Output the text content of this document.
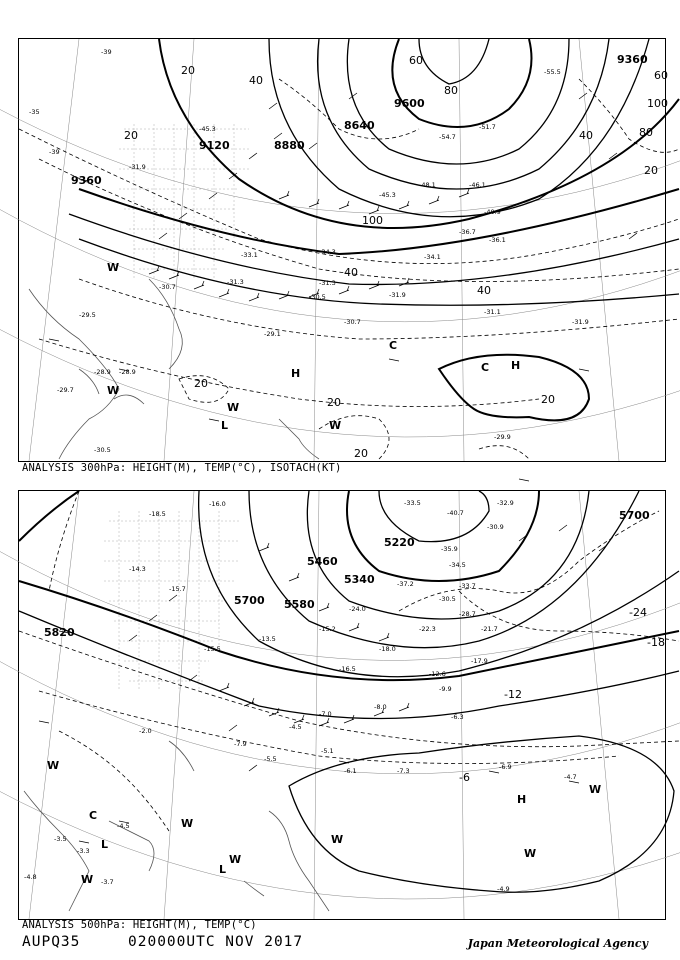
9360
9120	8880
8640
9600
9360
20
40
60
80
100
40
20
40
60
100
80
40
20
20
20
20
20
-39
-35
-39
-45.3	-51.7
-54.7
-55.5
-48.1	-46.1
-45.3
-40.9
-36.7
-36.1
-34.3
-34.1
-31.9
-31.3
-30.5
-30.7
-31.1
-31.9
-29.5
-28.9
-29.7
-30.5
-29.1
-29.9
-28.9
-31.3
-30.7
-33.1
-31.9
W
C
H
L
W
W
W
H
C
ANALYSIS 300hPa: HEIGHT(M), TEMP(°C), ISOTACH(KT)
5220
5340
5460
5580
5700
5820
5700
-24
-18
-12
-6
-33.5
-40.7
-32.9
-30.9
-34.5
-35.9
-37.2	-33.7
-30.5
-28.7
-24.0
-22.3	-21.7
-17.9
-15.2
-18.0
-16.5
-13.5
-12.6
-9.9
-8.0
-7.0	-6.3
-5.1
-4.5
-7.9
-7.3
-6.1	-6.9
-4.7
-4.9
-5.5
-3.5
-4.5
-3.3
-2.0
-3.7
-4.8
-14.3
-15.7
-15.5
-18.5
-16.0
W
C
L
W
L
W
W
H
W
W
W
ANALYSIS 500hPa: HEIGHT(M), TEMP(°C)
AUPQ35	020000UTC NOV 2017	Japan Meteorological Agency
